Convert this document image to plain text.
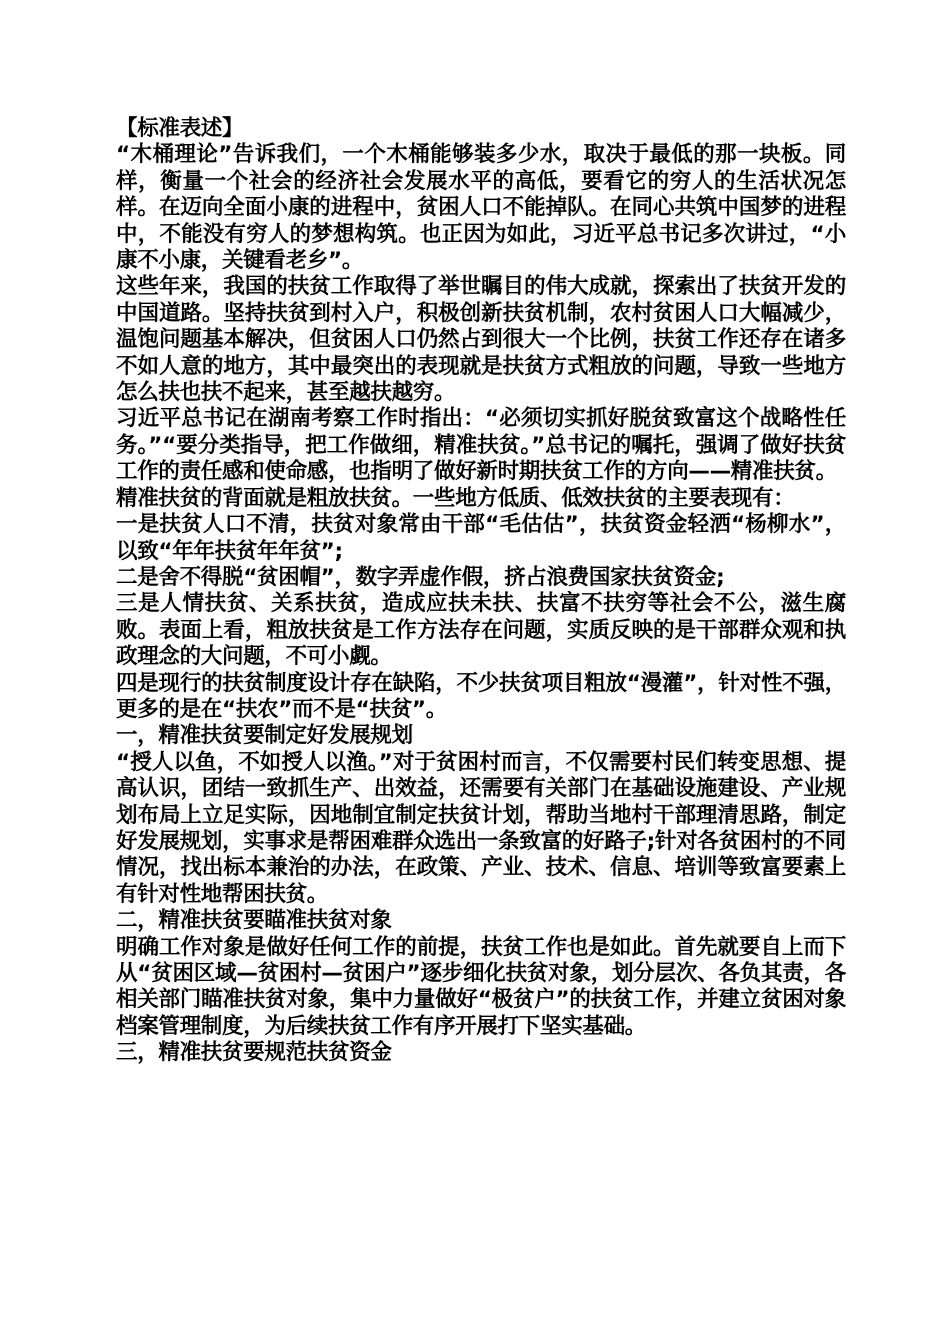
【标准表述】

“木桶理论”告诉我们，一个木桶能够装多少水，取决于最低的那一块板。同样，衡量一个社会的经济社会发展水平的高低，要看它的穷人的生活状况怎样。在迈向全面小康的进程中，贫困人口不能掉队。在同心共筑中国梦的进程中，不能没有穷人的梦想构筑。也正因为如此，习近平总书记多次讲过，“小康不小康，关键看老乡”。

这些年来，我国的扶贫工作取得了举世瞩目的伟大成就，探索出了扶贫开发的中国道路。坚持扶贫到村入户，积极创新扶贫机制，农村贫困人口大幅减少，温饱问题基本解决，但贫困人口仍然占到很大一个比例，扶贫工作还存在诸多不如人意的地方，其中最突出的表现就是扶贫方式粗放的问题，导致一些地方怎么扶也扶不起来，甚至越扶越穷。

习近平总书记在湖南考察工作时指出：“必须切实抓好脱贫致富这个战略性任务。”“要分类指导，把工作做细，精准扶贫。”总书记的嘱托，强调了做好扶贫工作的责任感和使命感，也指明了做好新时期扶贫工作的方向——精准扶贫。

精准扶贫的背面就是粗放扶贫。一些地方低质、低效扶贫的主要表现有：

一是扶贫人口不清，扶贫对象常由干部“毛估估”，扶贫资金轻洒“杨柳水”，以致“年年扶贫年年贫”;

二是舍不得脱“贫困帽”，数字弄虚作假，挤占浪费国家扶贫资金;

三是人情扶贫、关系扶贫，造成应扶未扶、扶富不扶穷等社会不公，滋生腐败。表面上看，粗放扶贫是工作方法存在问题，实质反映的是干部群众观和执政理念的大问题，不可小觑。

四是现行的扶贫制度设计存在缺陷，不少扶贫项目粗放“漫灌”，针对性不强，更多的是在“扶农”而不是“扶贫”。

一，精准扶贫要制定好发展规划

“授人以鱼，不如授人以渔。”对于贫困村而言，不仅需要村民们转变思想、提高认识，团结一致抓生产、出效益，还需要有关部门在基础设施建设、产业规划布局上立足实际，因地制宜制定扶贫计划，帮助当地村干部理清思路，制定好发展规划，实事求是帮困难群众选出一条致富的好路子;针对各贫困村的不同情况，找出标本兼治的办法，在政策、产业、技术、信息、培训等致富要素上有针对性地帮困扶贫。

二，精准扶贫要瞄准扶贫对象

明确工作对象是做好任何工作的前提，扶贫工作也是如此。首先就要自上而下从“贫困区域—贫困村—贫困户”逐步细化扶贫对象，划分层次、各负其责，各相关部门瞄准扶贫对象，集中力量做好“极贫户”的扶贫工作，并建立贫困对象档案管理制度，为后续扶贫工作有序开展打下坚实基础。

三，精准扶贫要规范扶贫资金
